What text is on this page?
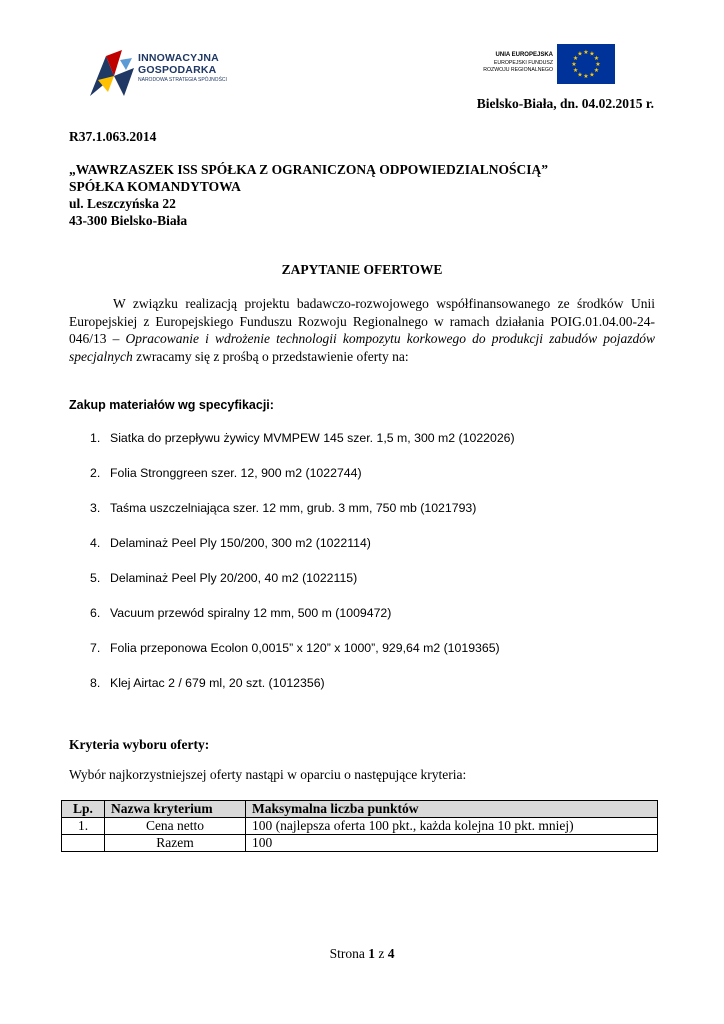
INNOWACYJNA
GOSPODARKA
NARODOWA STRATEGIA SPÓJNOŚCI
UNIA EUROPEJSKA
EUROPEJSKI FUNDUSZ
ROZWOJU REGIONALNEGO
★
★
★
★
★
★
★
★
★ ★ ★
★
Bielsko-Biała, dn. 04.02.2015 r.
R37.1.063.2014
„WAWRZASZEK ISS SPÓŁKA Z OGRANICZONĄ ODPOWIEDZIALNOŚCIĄ”
SPÓŁKA KOMANDYTOWA
ul. Leszczyńska 22
43-300 Bielsko-Biała
ZAPYTANIE OFERTOWE
W związku realizacją projektu badawczo-rozwojowego współfinansowanego ze środków Unii Europejskiej z Europejskiego Funduszu Rozwoju Regionalnego w ramach działania POIG.01.04.00-24-046/13 – Opracowanie i wdrożenie technologii kompozytu korkowego do produkcji zabudów pojazdów specjalnych zwracamy się z prośbą o przedstawienie oferty na:
Zakup materiałów wg specyfikacji:
1. Siatka do przepływu żywicy MVMPEW 145 szer. 1,5 m, 300 m2 (1022026)
2. Folia Stronggreen szer. 12, 900 m2 (1022744)
3. Taśma uszczelniająca szer. 12 mm, grub. 3 mm, 750 mb (1021793)
4. Delaminaż Peel Ply 150/200, 300 m2 (1022114)
5. Delaminaż Peel Ply 20/200, 40 m2 (1022115)
6. Vacuum przewód spiralny 12 mm, 500 m (1009472)
7. Folia przeponowa Ecolon 0,0015” x 120” x 1000”, 929,64 m2 (1019365)
8. Klej Airtac 2 / 679 ml, 20 szt. (1012356)
Kryteria wyboru oferty:
Wybór najkorzystniejszej oferty nastąpi w oparciu o następujące kryteria:
Lp.	Nazwa kryterium	Maksymalna liczba punktów
1.	Cena netto	100 (najlepsza oferta 100 pkt., każda kolejna 10 pkt. mniej)
	Razem	100
Strona 1 z 4
